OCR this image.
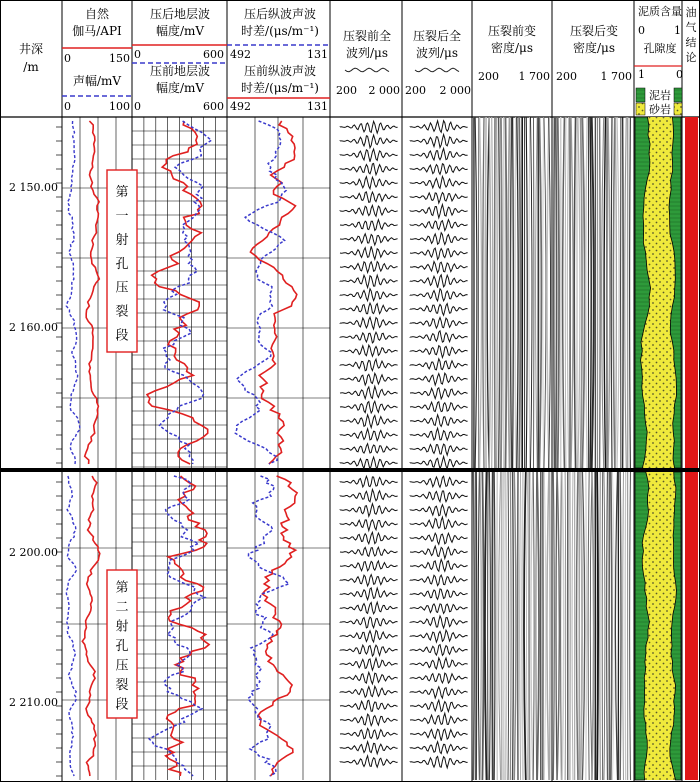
油
气
结
论
第
一
射
孔
压
裂
段
第
二
射
孔
压
裂
段
井深
/m
自然
伽马/API
0	150
声幅/mV
0	100
压后地层波
幅度/mV
0	600
压前地层波
幅度/mV
0	600
压后纵波声波
时差/(μs/m⁻¹)
492	131
压前纵波声波
时差/(μs/m⁻¹)
492	131
压裂前全
波列/μs
200 2 000
压裂后全
波列/μs
200 2 000
压裂前变
密度/μs
200 1 700
压裂后变
密度/μs
200 1 700
泥质含量
0	1
孔隙度
1	0
泥岩
砂岩
2 150.00
2 160.00
2 200.00
2 210.00
